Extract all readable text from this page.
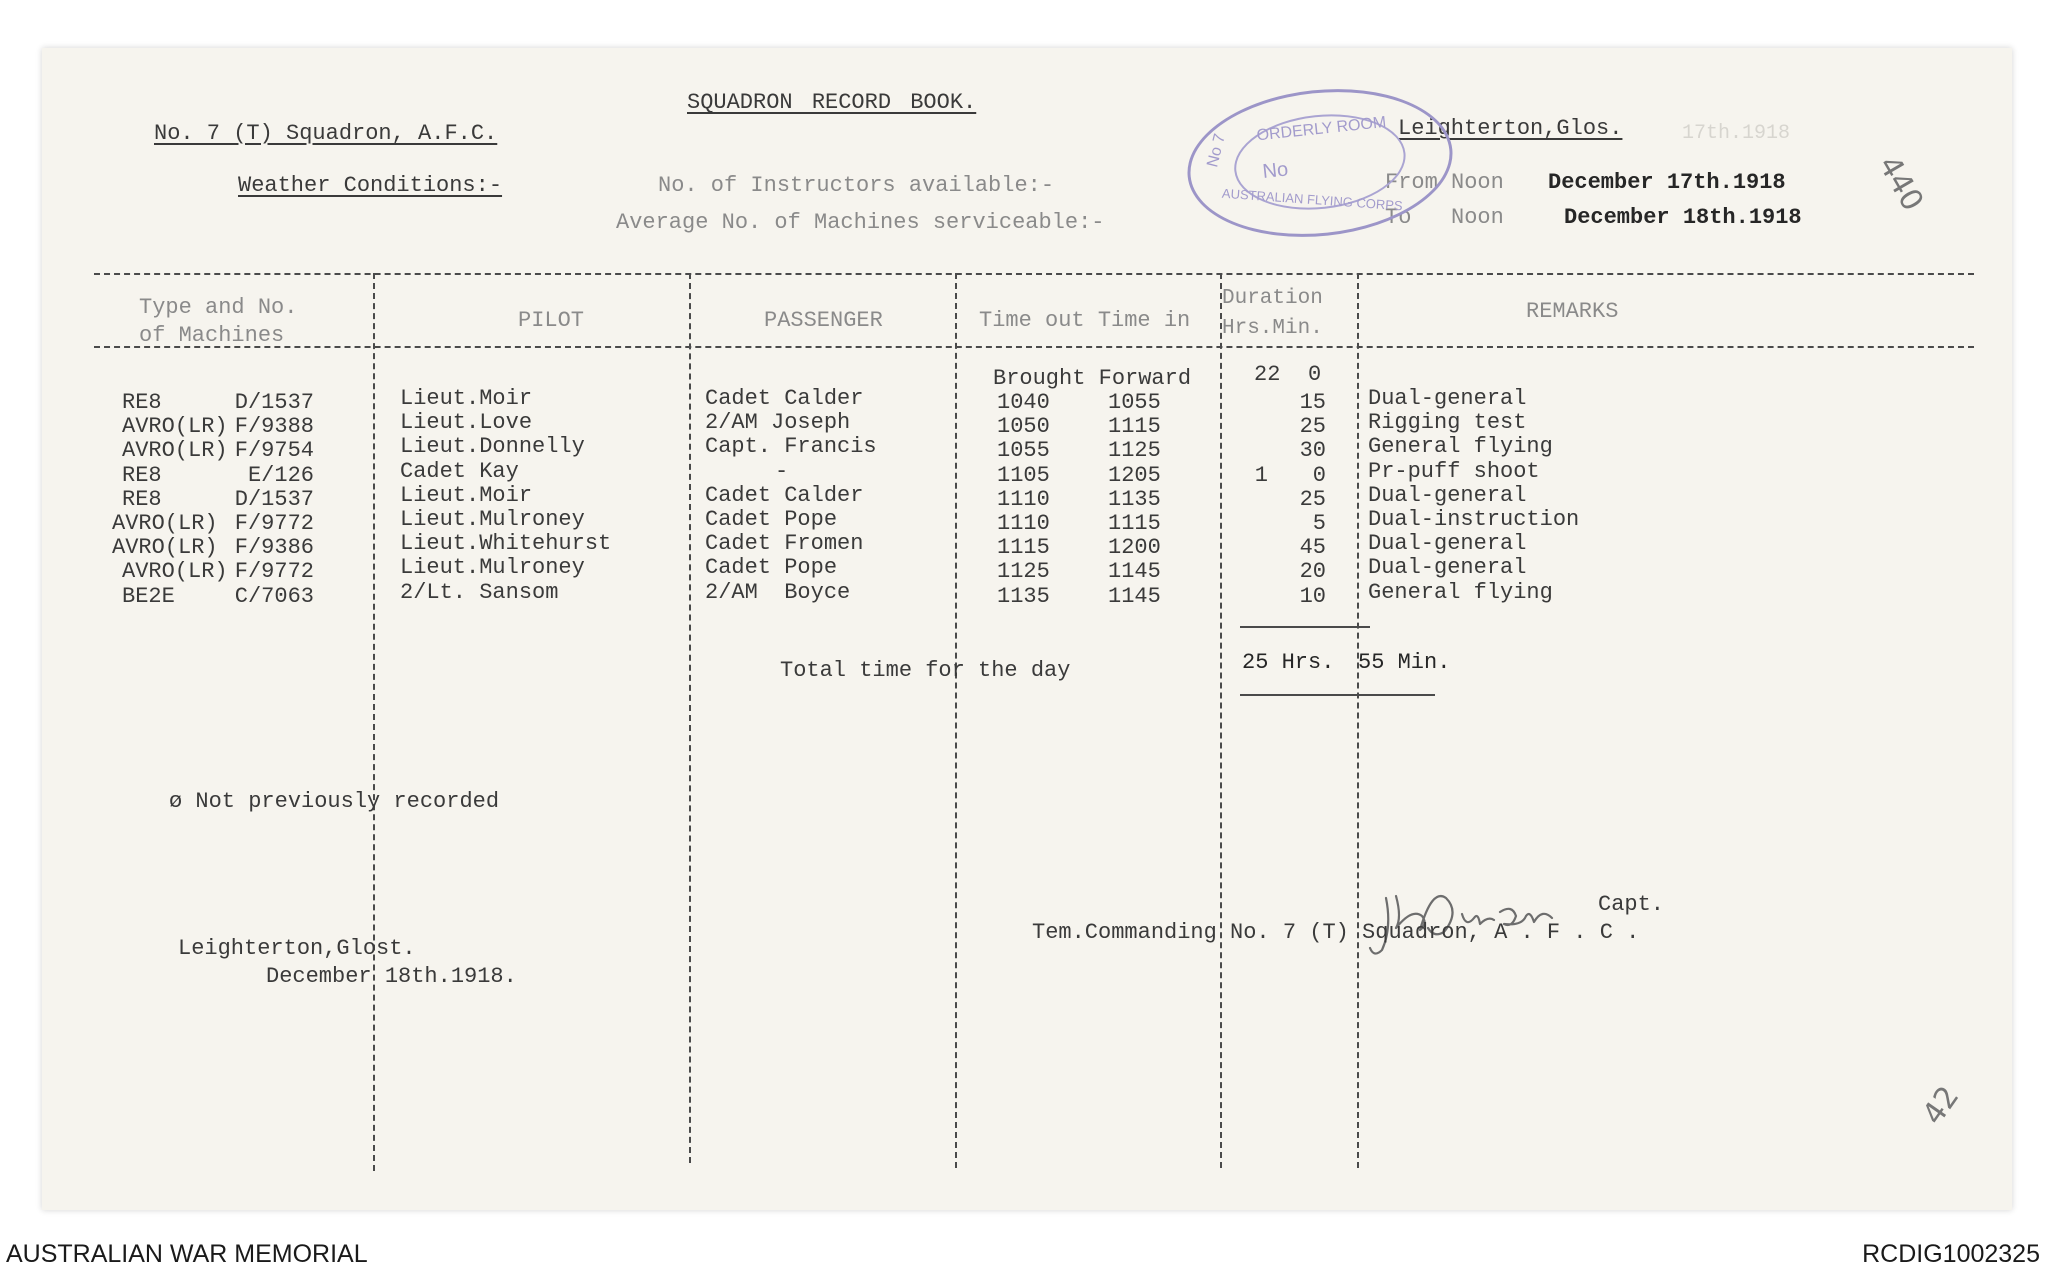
SQUADRON RECORD BOOK.
No. 7 (T) Squadron, A.F.C.	Leighterton,Glos.	17th.1918
Weather Conditions:-	No. of Instructors available:-
Average No. of Machines serviceable:-
From Noon December 17th.1918
To   Noon	December 18th.1918
No 7
ORDERLY ROOM
No
AUSTRALIAN FLYING CORPS	440
42
Type and No.
of Machines
PILOT	PASSENGER	Time out Time in
Duration
Hrs.Min.
REMARKS
Brought Forward	22 0
RE8	D/1537	Lieut.Moir	Cadet Calder	1040	1055	15 Dual-general
AVRO(LR) F/9388	Lieut.Love	2/AM Joseph	1050	1115	25 Rigging test
AVRO(LR) F/9754	Lieut.Donnelly	Capt. Francis	1055	1125	30 General flying
RE8	E/126	Cadet Kay	-	1105	1205	1 0 Pr-puff shoot
RE8	D/1537	Lieut.Moir	Cadet Calder	1110	1135	25 Dual-general
AVRO(LR) F/9772	Lieut.Mulroney	Cadet Pope	1110	1115	5 Dual-instruction
AVRO(LR) F/9386	Lieut.Whitehurst	Cadet Fromen	1115	1200	45 Dual-general
AVRO(LR) F/9772	Lieut.Mulroney	Cadet Pope	1125	1145	20 Dual-general
BE2E	C/7063	2/Lt. Sansom	2/AM  Boyce	1135	1145	10 General flying
Total time for the day	25 Hrs. 55 Min.
ø Not previously recorded
Leighterton,Glost.
December 18th.1918.
Capt.
Tem.Commanding No. 7 (T) Squadron, A . F . C .
AUSTRALIAN WAR MEMORIAL	RCDIG1002325
